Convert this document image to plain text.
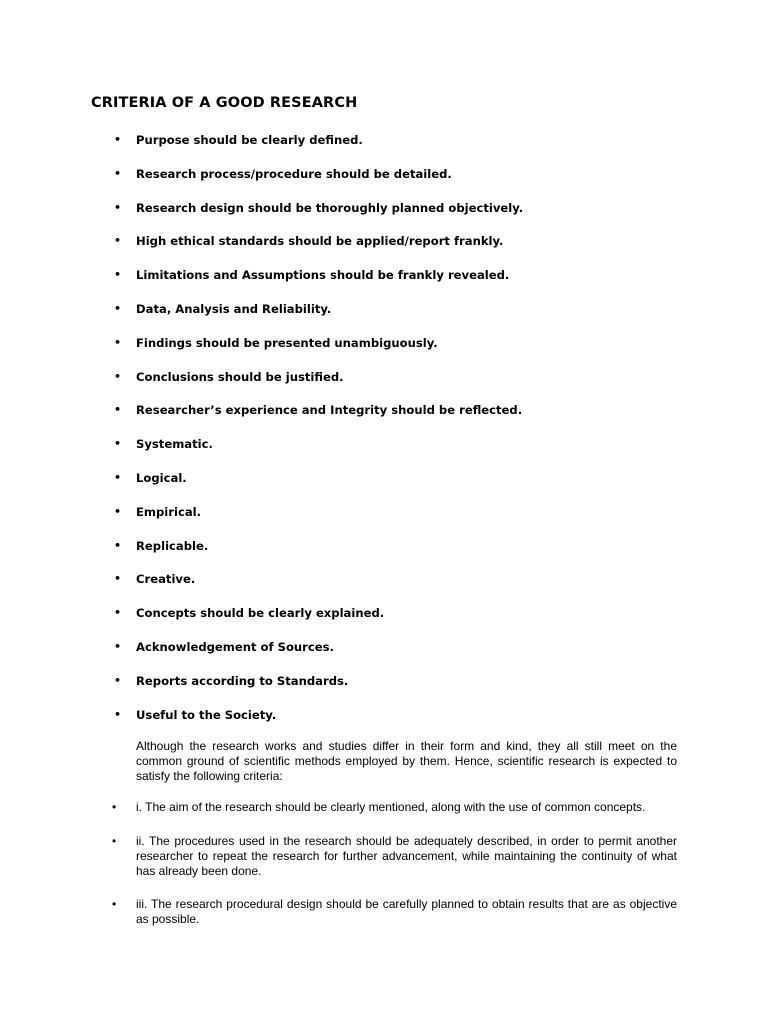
CRITERIA OF A GOOD RESEARCH
• Purpose should be clearly defined.
• Research process/procedure should be detailed.
• Research design should be thoroughly planned objectively.
• High ethical standards should be applied/report frankly.
• Limitations and Assumptions should be frankly revealed.
• Data, Analysis and Reliability.
• Findings should be presented unambiguously.
• Conclusions should be justified.
• Researcher’s experience and Integrity should be reflected.
• Systematic.
• Logical.
• Empirical.
• Replicable.
• Creative.
• Concepts should be clearly explained.
• Acknowledgement of Sources.
• Reports according to Standards.
• Useful to the Society.

Although the research works and studies differ in their form and kind, they all still meet on the common ground of scientific methods employed by them. Hence, scientific research is expected to satisfy the following criteria:

• i. The aim of the research should be clearly mentioned, along with the use of common concepts.
• ii. The procedures used in the research should be adequately described, in order to permit another researcher to repeat the research for further advancement, while maintaining the continuity of what has already been done.
• iii. The research procedural design should be carefully planned to obtain results that are as objective as possible.
